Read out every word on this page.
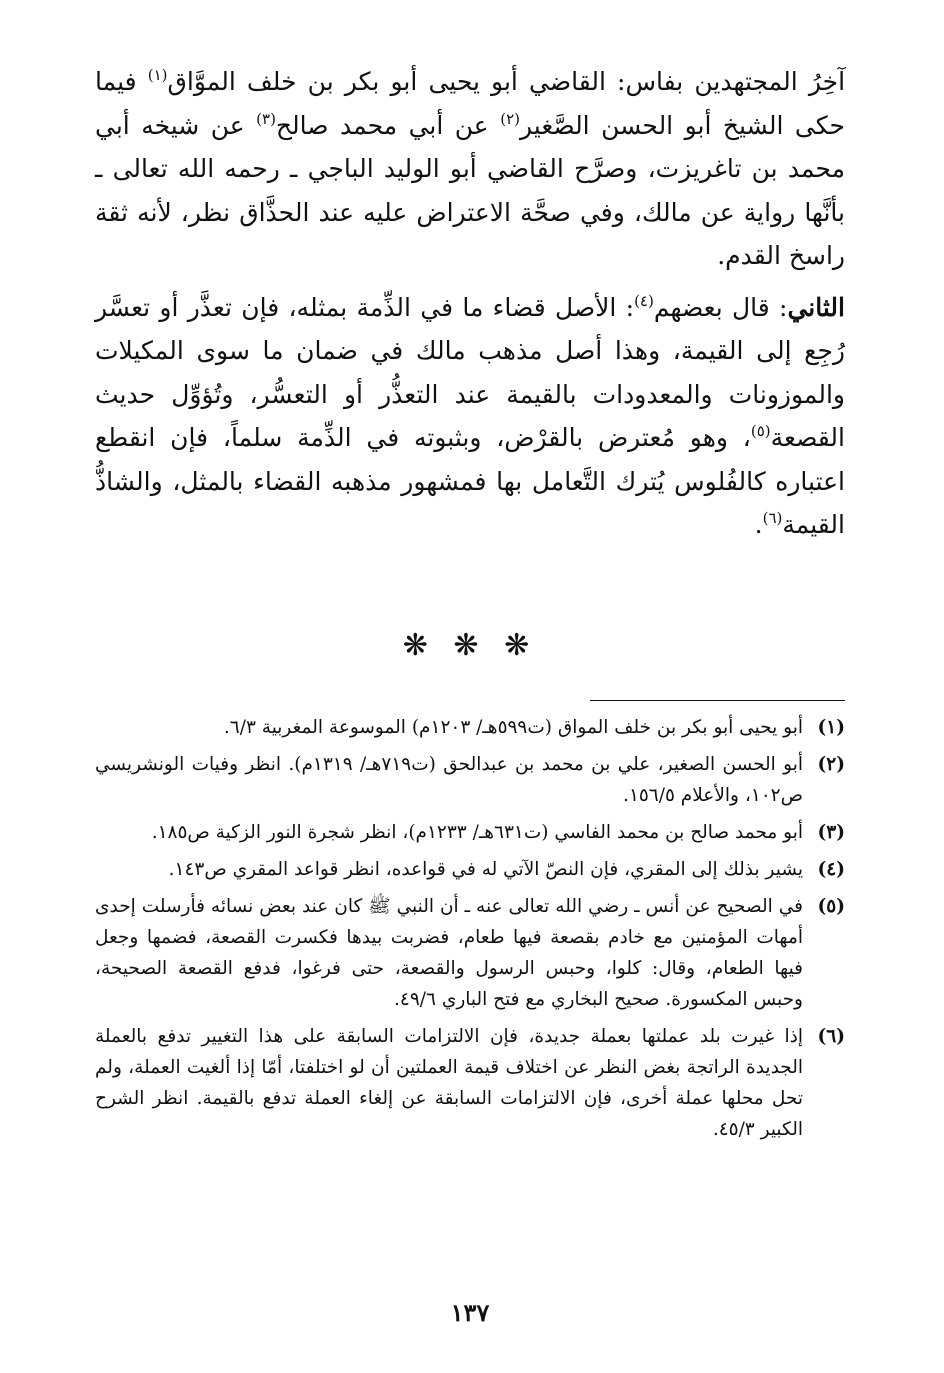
آخِرُ المجتهدين بفاس: القاضي أبو يحيى أبو بكر بن خلف الموَّاق$^{(١)}$ فيما حكى الشيخ أبو الحسن الصَّغير$^{(٢)}$ عن أبي محمد صالح$^{(٣)}$ عن شيخه أبي محمد بن تاغريزت، وصرَّح القاضي أبو الوليد الباجي ـ رحمه الله تعالى ـ بأنَّها رواية عن مالك، وفي صحَّة الاعتراض عليه عند الحذَّاق نظر، لأنه ثقة راسخ القدم.

الثاني: قال بعضهم$^{(٤)}$: الأصل قضاء ما في الذِّمة بمثله، فإن تعذَّر أو تعسَّر رُجِع إلى القيمة، وهذا أصل مذهب مالك في ضمان ما سوى المكيلات والموزونات والمعدودات بالقيمة عند التعذُّر أو التعسُّر، وتُؤوِّل حديث القصعة$^{(٥)}$، وهو مُعترض بالقرْض، وبثبوته في الذِّمة سلماً، فإن انقطع اعتباره كالفُلوس يُترك التَّعامل بها فمشهور مذهبه القضاء بالمثل، والشاذُّ القيمة$^{(٦)}$.

❋ ❋ ❋
(١)
أبو يحيى أبو بكر بن خلف المواق (ت٥٩٩هـ/ ١٢٠٣م) الموسوعة المغربية ٦/٣.
(٢)
أبو الحسن الصغير، علي بن محمد بن عبدالحق (ت٧١٩هـ/ ١٣١٩م). انظر وفيات الونشريسي ص١٠٢، والأعلام ١٥٦/٥.
(٣)
أبو محمد صالح بن محمد الفاسي (ت٦٣١هـ/ ١٢٣٣م)، انظر شجرة النور الزكية ص١٨٥.
(٤)
يشير بذلك إلى المقري، فإن النصّ الآتي له في قواعده، انظر قواعد المقري ص١٤٣.
(٥)
في الصحيح عن أنس ـ رضي الله تعالى عنه ـ أن النبي ﷺ كان عند بعض نسائه فأرسلت إحدى أمهات المؤمنين مع خادم بقصعة فيها طعام، فضربت بيدها فكسرت القصعة، فضمها وجعل فيها الطعام، وقال: كلوا، وحبس الرسول والقصعة، حتى فرغوا، فدفع القصعة الصحيحة، وحبس المكسورة. صحيح البخاري مع فتح الباري ٤٩/٦.
(٦)
إذا غيرت بلد عملتها بعملة جديدة، فإن الالتزامات السابقة على هذا التغيير تدفع بالعملة الجديدة الراتجة بغض النظر عن اختلاف قيمة العملتين أن لو اختلفتا، أمّا إذا ألغيت العملة، ولم تحل محلها عملة أخرى، فإن الالتزامات السابقة عن إلغاء العملة تدفع بالقيمة. انظر الشرح الكبير ٤٥/٣.
١٣٧
